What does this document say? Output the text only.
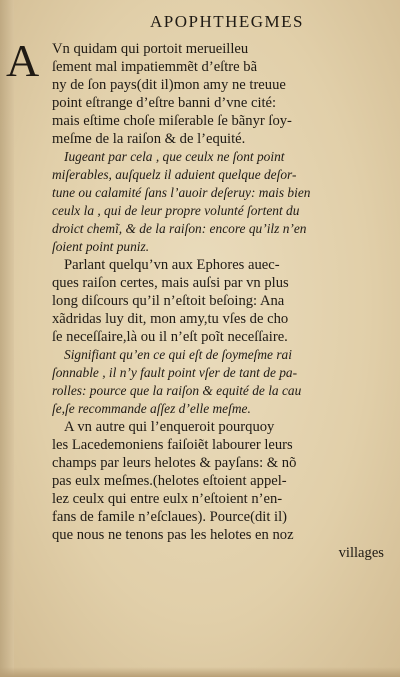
APOPHTHEGMES
A Vn quidam qui portoit merueilleu
ſement mal impatiemmẽt d’eſtre bã
ny de ſon pays(dit il)mon amy ne treuue
point eſtrange d’eſtre banni d’vne cité:
mais eſtime choſe miſerable ſe bãnyr ſoy-
meſme de la raiſon & de l’equité.
Iugeant par cela , que ceulx ne ſont point
miſerables, auſquelz il aduient quelque deſor-
tune ou calamité ſans l’auoir deſeruy: mais bien
ceulx la , qui de leur propre volunté ſortent du
droict chemĩ, & de la raiſon: encore qu’ilz n’en
ſoient point puniz.
Parlant quelqu’vn aux Ephores auec-
ques raiſon certes, mais auſsi par vn plus
long diſcours qu’il n’eſtoit beſoing: Ana
xãdridas luy dit, mon amy,tu vſes de cho
ſe neceſſaire,là ou il n’eſt poĩt neceſſaire.
Signifiant qu’en ce qui eſt de ſoymeſme rai
ſonnable , il n’y fault point vſer de tant de pa-
rolles: pource que la raiſon & equité de la cau
ſe,ſe recommande aſſez d’elle meſme.
A vn autre qui l’enqueroit pourquoy
les Lacedemoniens faiſoiẽt labourer leurs
champs par leurs helotes & payſans: & nõ
pas eulx meſmes.(helotes eſtoient appel-
lez ceulx qui entre eulx n’eſtoient n’en-
fans de famile n’eſclaues). Pource(dit il)
que nous ne tenons pas les helotes en noz
villages
